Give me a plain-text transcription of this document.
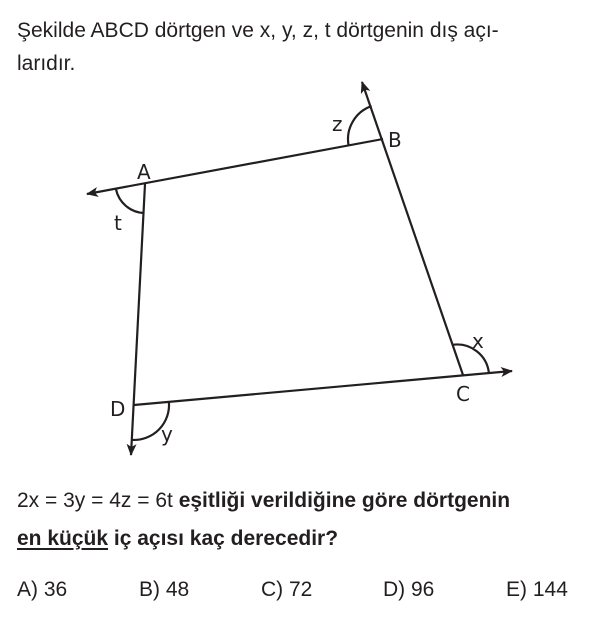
Şekilde ABCD dörtgen ve x, y, z, t dörtgenin dış açı-
larıdır.
A
B
C
D
x
y
z
t
2x = 3y = 4z = 6t eşitliği verildiğine göre dörtgenin
en küçük iç açısı kaç derecedir?
A) 36	B) 48	C) 72	D) 96	E) 144
